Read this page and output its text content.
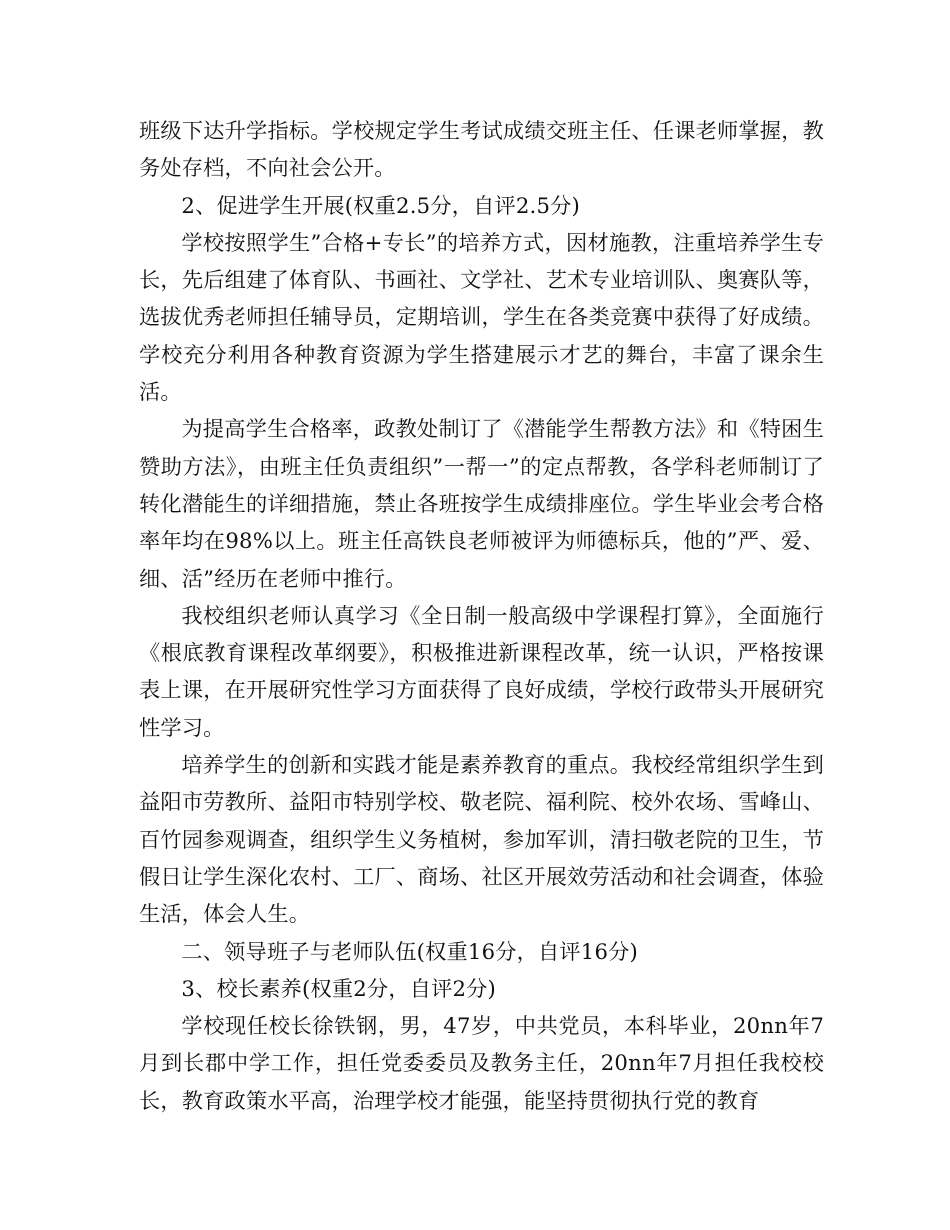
班级下达升学指标。学校规定学生考试成绩交班主任、任课老师掌握，教务处存档，不向社会公开。

2、促进学生开展(权重2.5分，自评2.5分)

学校按照学生”合格+专长”的培养方式，因材施教，注重培养学生专长，先后组建了体育队、书画社、文学社、艺术专业培训队、奥赛队等，选拔优秀老师担任辅导员，定期培训，学生在各类竞赛中获得了好成绩。学校充分利用各种教育资源为学生搭建展示才艺的舞台，丰富了课余生活。

为提高学生合格率，政教处制订了《潜能学生帮教方法》和《特困生赞助方法》，由班主任负责组织”一帮一”的定点帮教，各学科老师制订了转化潜能生的详细措施，禁止各班按学生成绩排座位。学生毕业会考合格率年均在98%以上。班主任高铁良老师被评为师德标兵，他的”严、爱、细、活”经历在老师中推行。

我校组织老师认真学习《全日制一般高级中学课程打算》，全面施行《根底教育课程改革纲要》，积极推进新课程改革，统一认识，严格按课表上课，在开展研究性学习方面获得了良好成绩，学校行政带头开展研究性学习。

培养学生的创新和实践才能是素养教育的重点。我校经常组织学生到益阳市劳教所、益阳市特别学校、敬老院、福利院、校外农场、雪峰山、百竹园参观调查，组织学生义务植树，参加军训，清扫敬老院的卫生，节假日让学生深化农村、工厂、商场、社区开展效劳活动和社会调查，体验生活，体会人生。

二、领导班子与老师队伍(权重16分，自评16分)

3、校长素养(权重2分，自评2分)

学校现任校长徐铁钢，男，47岁，中共党员，本科毕业，20nn年7月到长郡中学工作，担任党委委员及教务主任，20nn年7月担任我校校长，教育政策水平高，治理学校才能强，能坚持贯彻执行党的教育
